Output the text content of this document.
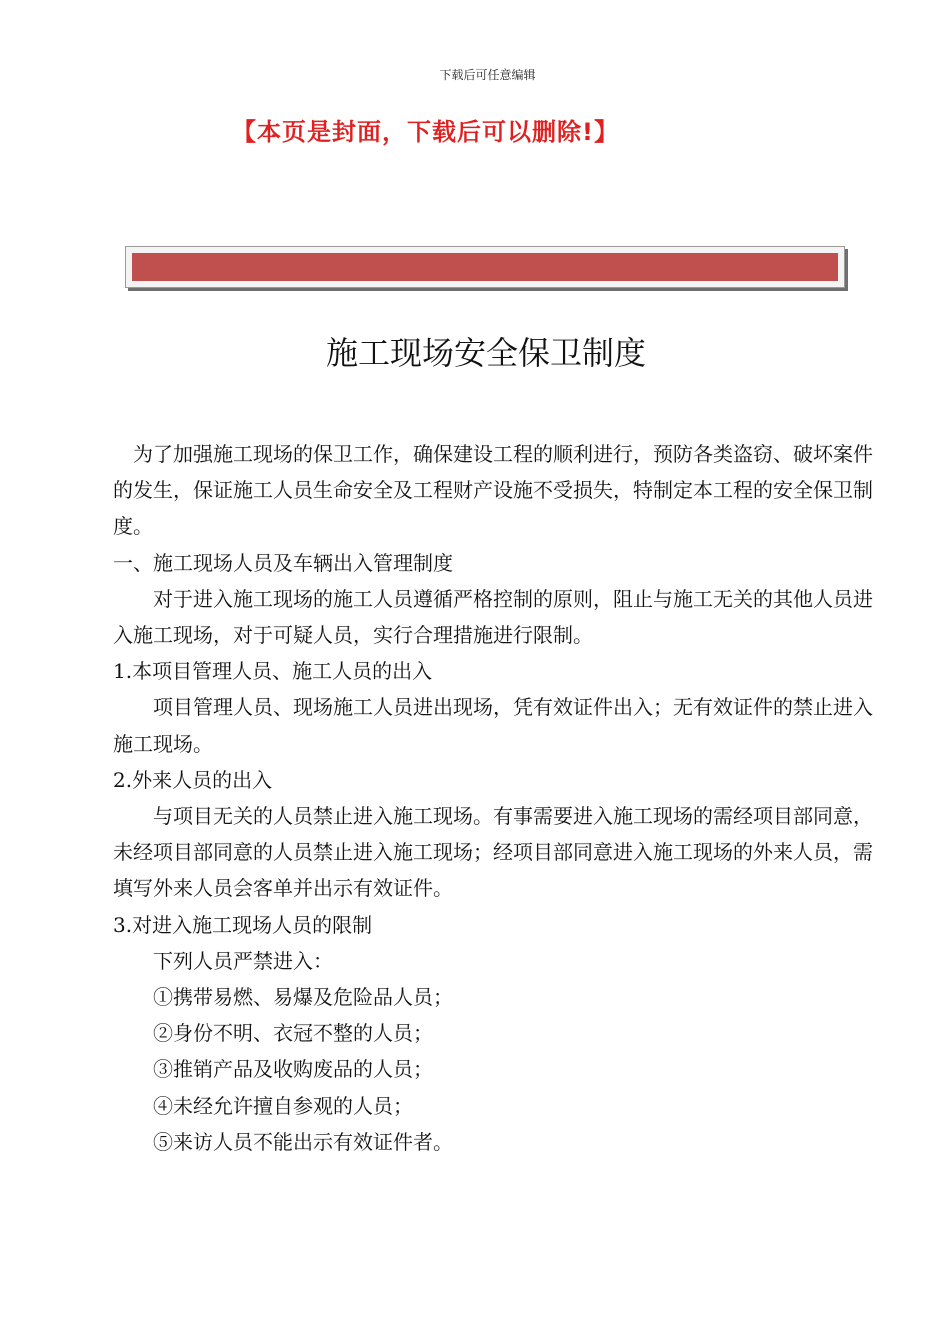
下载后可任意编辑
【本页是封面，下载后可以删除!】
施工现场安全保卫制度

为了加强施工现场的保卫工作，确保建设工程的顺利进行，预防各类盗窃、破坏案件的发生，保证施工人员生命安全及工程财产设施不受损失，特制定本工程的安全保卫制度。

一、施工现场人员及车辆出入管理制度

对于进入施工现场的施工人员遵循严格控制的原则，阻止与施工无关的其他人员进入施工现场，对于可疑人员，实行合理措施进行限制。

1.本项目管理人员、施工人员的出入

项目管理人员、现场施工人员进出现场，凭有效证件出入；无有效证件的禁止进入施工现场。

2.外来人员的出入

与项目无关的人员禁止进入施工现场。有事需要进入施工现场的需经项目部同意，未经项目部同意的人员禁止进入施工现场；经项目部同意进入施工现场的外来人员，需填写外来人员会客单并出示有效证件。

3.对进入施工现场人员的限制

下列人员严禁进入：

①携带易燃、易爆及危险品人员；

②身份不明、衣冠不整的人员；

③推销产品及收购废品的人员；

④未经允许擅自参观的人员；

⑤来访人员不能出示有效证件者。
